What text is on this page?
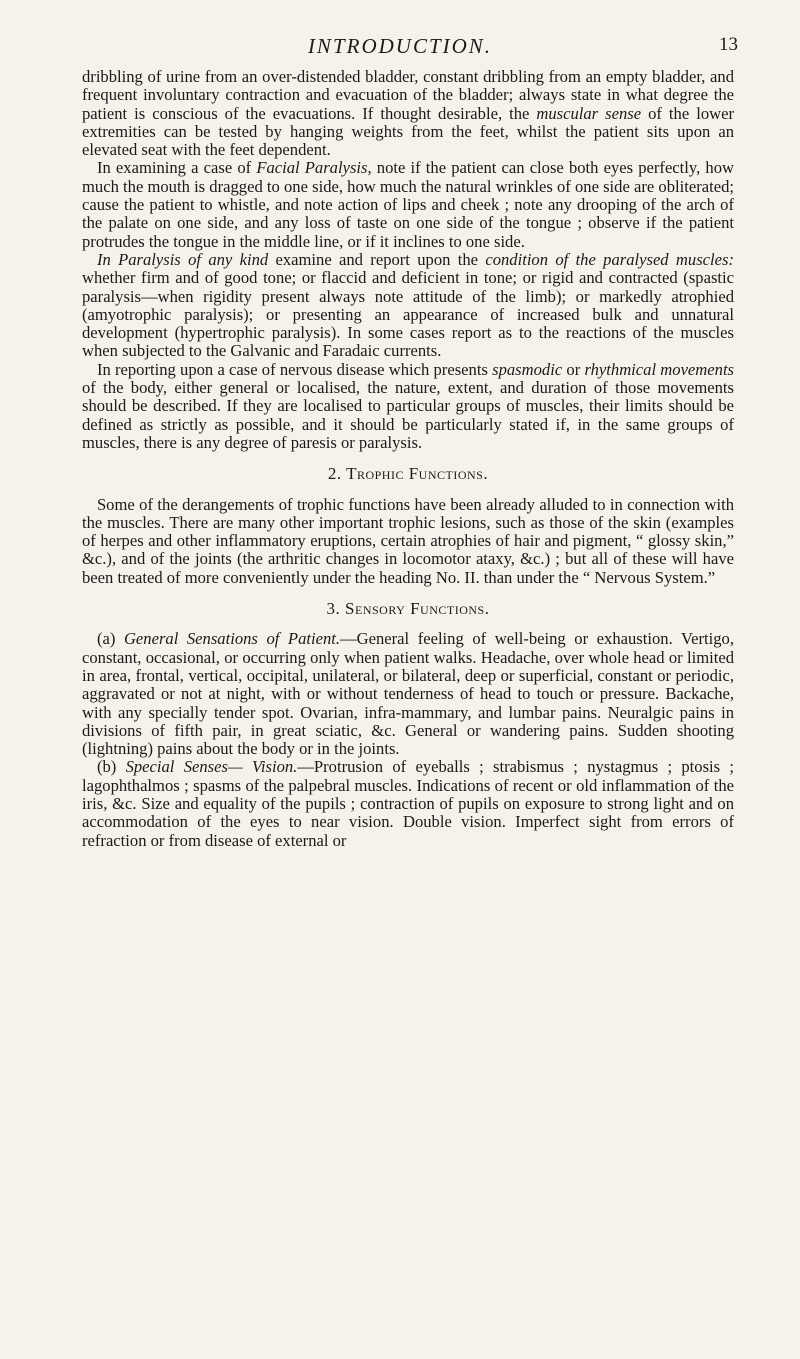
INTRODUCTION.	13

dribbling of urine from an over-distended bladder, constant dribbling from an empty bladder, and frequent involuntary contraction and evacuation of the bladder; always state in what degree the patient is conscious of the evacuations. If thought desirable, the muscular sense of the lower extremities can be tested by hanging weights from the feet, whilst the patient sits upon an elevated seat with the feet dependent.

In examining a case of Facial Paralysis, note if the patient can close both eyes perfectly, how much the mouth is dragged to one side, how much the natural wrinkles of one side are obliterated; cause the patient to whistle, and note action of lips and cheek ; note any drooping of the arch of the palate on one side, and any loss of taste on one side of the tongue ; observe if the patient protrudes the tongue in the middle line, or if it inclines to one side.

In Paralysis of any kind examine and report upon the condition of the paralysed muscles: whether firm and of good tone; or flaccid and deficient in tone; or rigid and contracted (spastic paralysis—when rigidity present always note attitude of the limb); or markedly atrophied (amyotrophic paralysis); or presenting an appearance of increased bulk and unnatural development (hypertrophic paralysis). In some cases report as to the reactions of the muscles when subjected to the Galvanic and Faradaic currents.

In reporting upon a case of nervous disease which presents spasmodic or rhythmical movements of the body, either general or localised, the nature, extent, and duration of those movements should be described. If they are localised to particular groups of muscles, their limits should be defined as strictly as possible, and it should be particularly stated if, in the same groups of muscles, there is any degree of paresis or paralysis.

2. Trophic Functions.

Some of the derangements of trophic functions have been already alluded to in connection with the muscles. There are many other important trophic lesions, such as those of the skin (examples of herpes and other inflammatory eruptions, certain atrophies of hair and pigment, “ glossy skin,” &c.), and of the joints (the arthritic changes in locomotor ataxy, &c.) ; but all of these will have been treated of more conveniently under the heading No. II. than under the “ Nervous System.”

3. Sensory Functions.

(a) General Sensations of Patient.—General feeling of well-being or exhaustion. Vertigo, constant, occasional, or occurring only when patient walks. Headache, over whole head or limited in area, frontal, vertical, occipital, unilateral, or bilateral, deep or superficial, constant or periodic, aggravated or not at night, with or without tenderness of head to touch or pressure. Backache, with any specially tender spot. Ovarian, infra-mammary, and lumbar pains. Neuralgic pains in divisions of fifth pair, in great sciatic, &c. General or wandering pains. Sudden shooting (lightning) pains about the body or in the joints.

(b) Special Senses— Vision.—Protrusion of eyeballs ; strabismus ; nystagmus ; ptosis ; lagophthalmos ; spasms of the palpebral muscles. Indications of recent or old inflammation of the iris, &c. Size and equality of the pupils ; contraction of pupils on exposure to strong light and on accommodation of the eyes to near vision. Double vision. Imperfect sight from errors of refraction or from disease of external or
